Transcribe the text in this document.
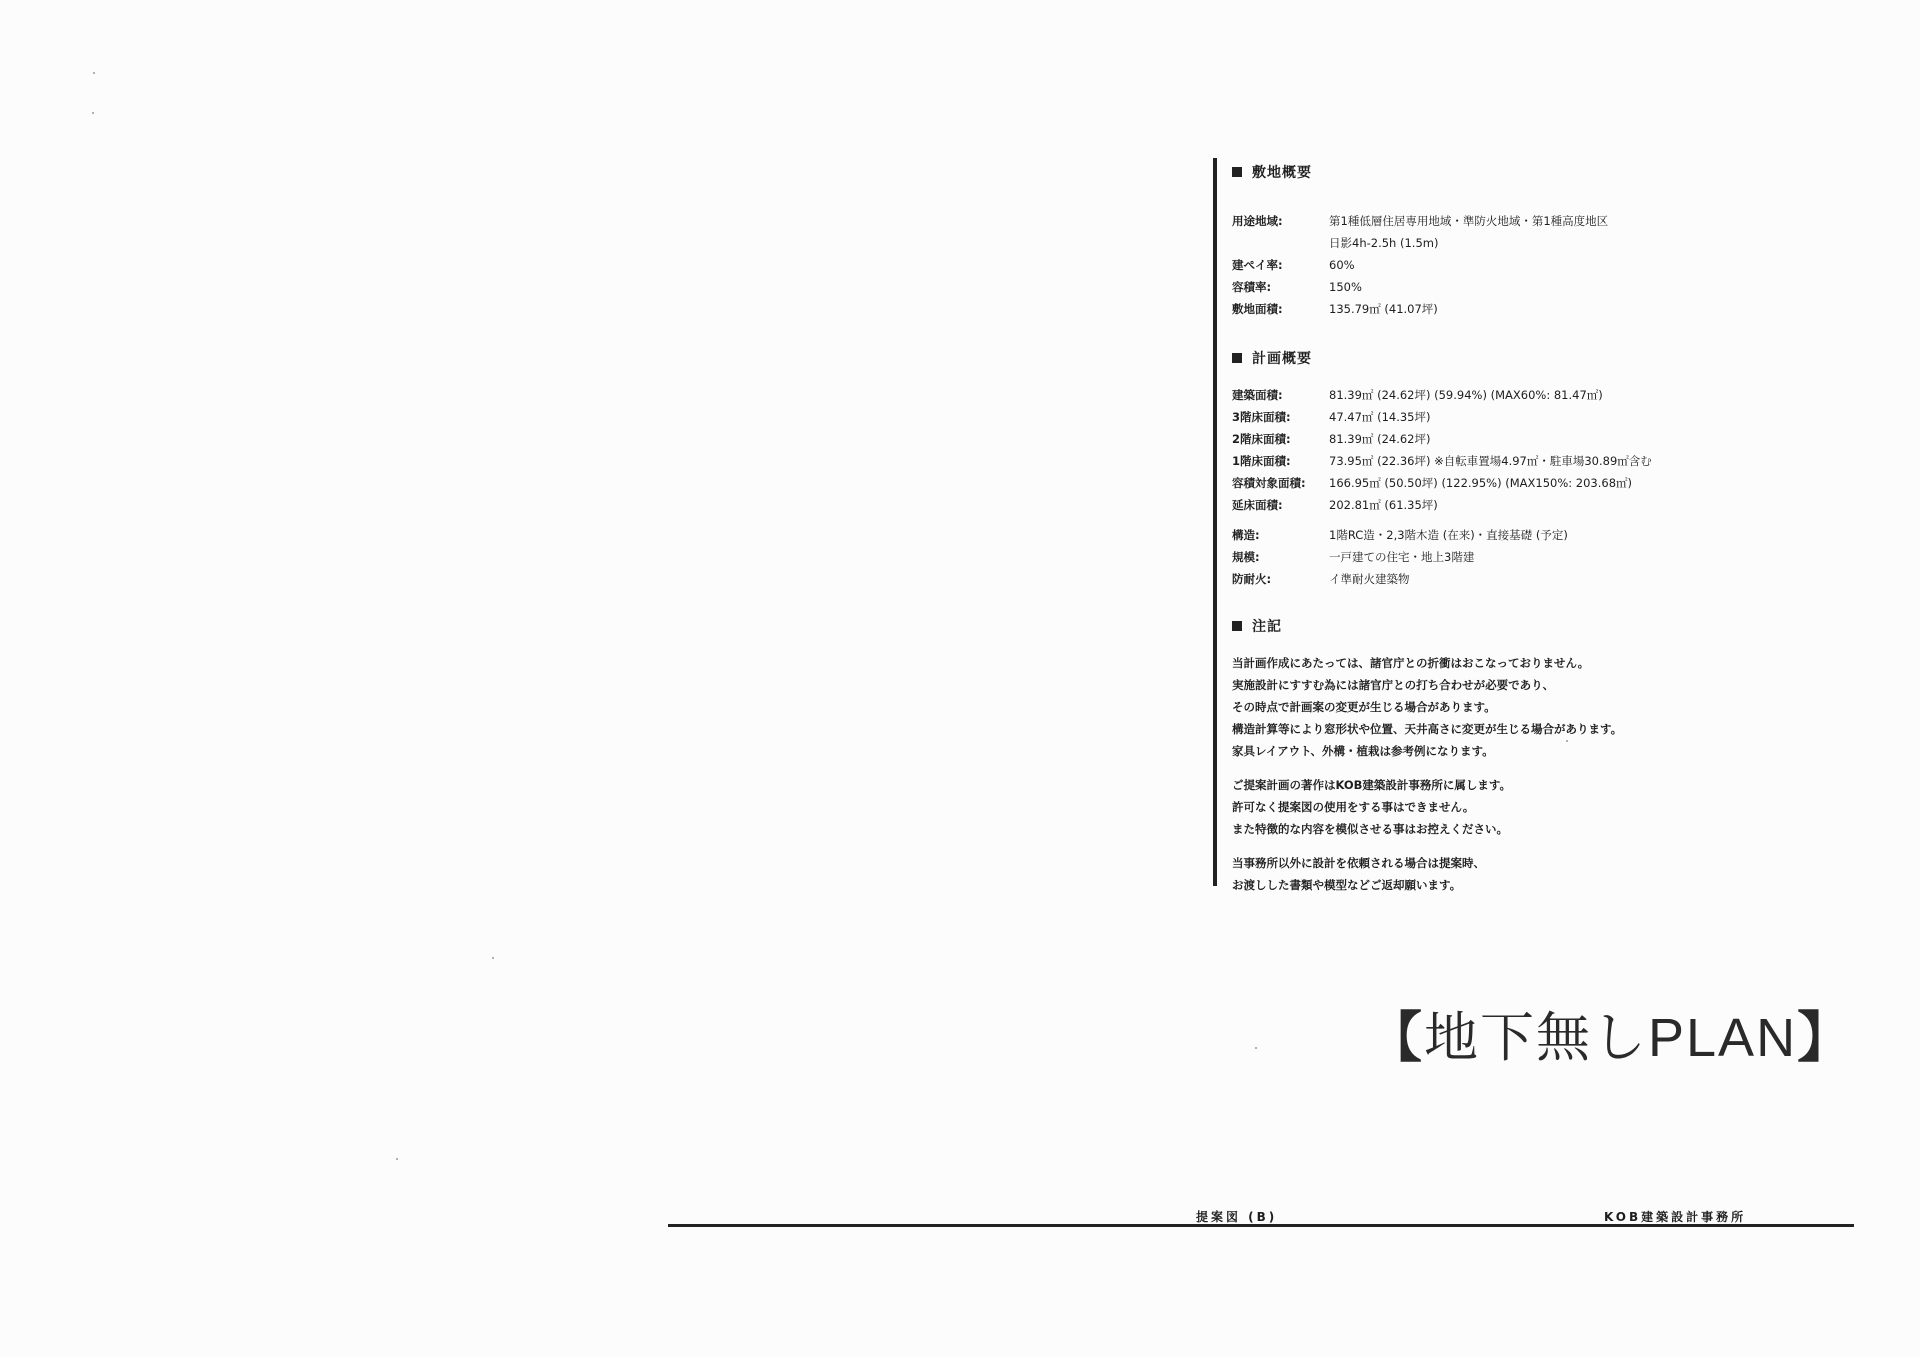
敷地概要
用途地域:	第1種低層住居専用地域・準防火地域・第1種高度地区
日影4h-2.5h (1.5m)
建ぺイ率:	60%
容積率:	150%
敷地面積:	135.79㎡ (41.07坪)
計画概要
建築面積:	81.39㎡ (24.62坪) (59.94%) (MAX60%: 81.47㎡)
3階床面積:	47.47㎡ (14.35坪)
2階床面積:	81.39㎡ (24.62坪)
1階床面積:	73.95㎡ (22.36坪) ※自転車置場4.97㎡・駐車場30.89㎡含む
容積対象面積:	166.95㎡ (50.50坪) (122.95%) (MAX150%: 203.68㎡)
延床面積:	202.81㎡ (61.35坪)
構造:	1階RC造・2,3階木造 (在来)・直接基礎 (予定)
規模:	一戸建ての住宅・地上3階建
防耐火:	イ準耐火建築物
注記
当計画作成にあたっては、諸官庁との折衝はおこなっておりません。
実施設計にすすむ為には諸官庁との打ち合わせが必要であり、
その時点で計画案の変更が生じる場合があります。
構造計算等により窓形状や位置、天井高さに変更が生じる場合があります。
家具レイアウト、外構・植栽は参考例になります。
ご提案計画の著作はKOB建築設計事務所に属します。
許可なく提案図の使用をする事はできません。
また特徴的な内容を模似させる事はお控えください。
当事務所以外に設計を依頼される場合は提案時、
お渡しした書類や模型などご返却願います。
【地下無しPLAN】
提案図 (B)	KOB建築設計事務所
